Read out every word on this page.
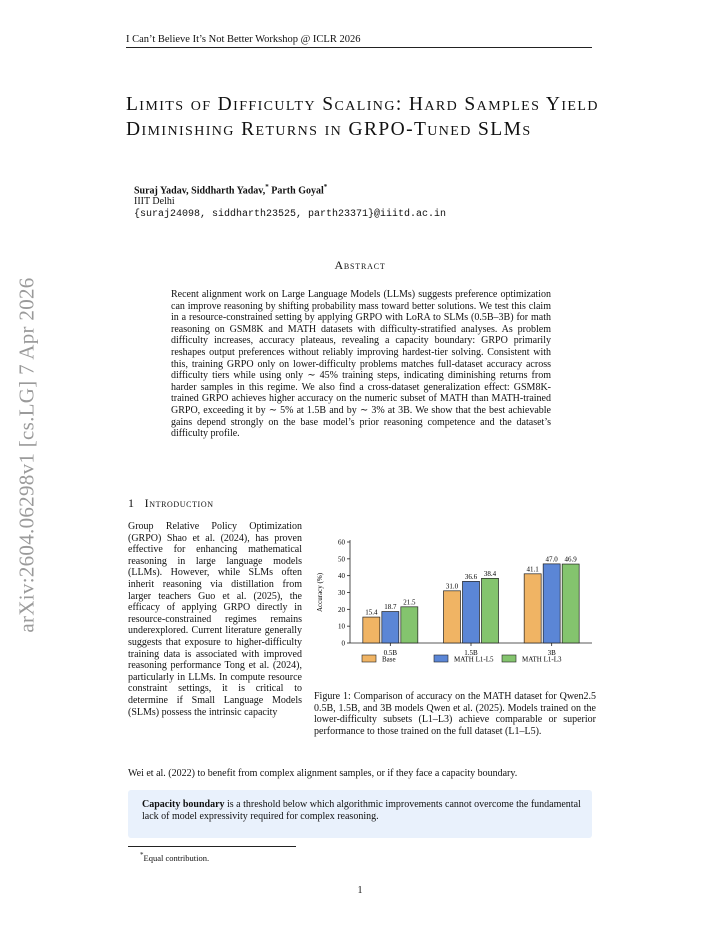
I Can’t Believe It’s Not Better Workshop @ ICLR 2026
arXiv:2604.06298v1 [cs.LG] 7 Apr 2026
Limits of Difficulty Scaling: Hard Samples Yield Diminishing Returns in GRPO-Tuned SLMs
Suraj Yadav, Siddharth Yadav,* Parth Goyal*
IIIT Delhi
{suraj24098, siddharth23525, parth23371}@iiitd.ac.in
Abstract
Recent alignment work on Large Language Models (LLMs) suggests preference optimization can improve reasoning by shifting probability mass toward better solutions. We test this claim in a resource-constrained setting by applying GRPO with LoRA to SLMs (0.5B–3B) for math reasoning on GSM8K and MATH datasets with difficulty-stratified analyses. As problem difficulty increases, accuracy plateaus, revealing a capacity boundary: GRPO primarily reshapes output preferences without reliably improving hardest-tier solving. Consistent with this, training GRPO only on lower-difficulty problems matches full-dataset accuracy across difficulty tiers while using only ∼ 45% training steps, indicating diminishing returns from harder samples in this regime. We also find a cross-dataset generalization effect: GSM8K-trained GRPO achieves higher accuracy on the numeric subset of MATH than MATH-trained GRPO, exceeding it by ∼ 5% at 1.5B and by ∼ 3% at 3B. We show that the best achievable gains depend strongly on the base model’s prior reasoning competence and the dataset’s difficulty profile.
1 Introduction
Group Relative Policy Optimization (GRPO) Shao et al. (2024), has proven effective for enhancing mathematical reasoning in large language models (LLMs). However, while SLMs often inherit reasoning via distillation from larger teachers Guo et al. (2025), the efficacy of applying GRPO directly in resource-constrained regimes remains underexplored. Current literature generally suggests that exposure to higher-difficulty training data is associated with improved reasoning performance Tong et al. (2024), particularly in LLMs. In compute resource constraint settings, it is critical to determine if Small Language Models (SLMs) possess the intrinsic capacity
0
10
20
30
40
50
60
Accuracy (%)
15.4
18.7
21.5
0.5B
31.0
36.6 38.4
1.5B
41.1
47.0 46.9
3B
Base	MATH L1-L5	MATH L1-L3
Figure 1: Comparison of accuracy on the MATH dataset for Qwen2.5 0.5B, 1.5B, and 3B models Qwen et al. (2025). Models trained on the lower-difficulty subsets (L1–L3) achieve comparable or superior performance to those trained on the full dataset (L1–L5).
Wei et al. (2022) to benefit from complex alignment samples, or if they face a capacity boundary.
Capacity boundary is a threshold below which algorithmic improvements cannot overcome the fundamental lack of model expressivity required for complex reasoning.
*Equal contribution.
1
